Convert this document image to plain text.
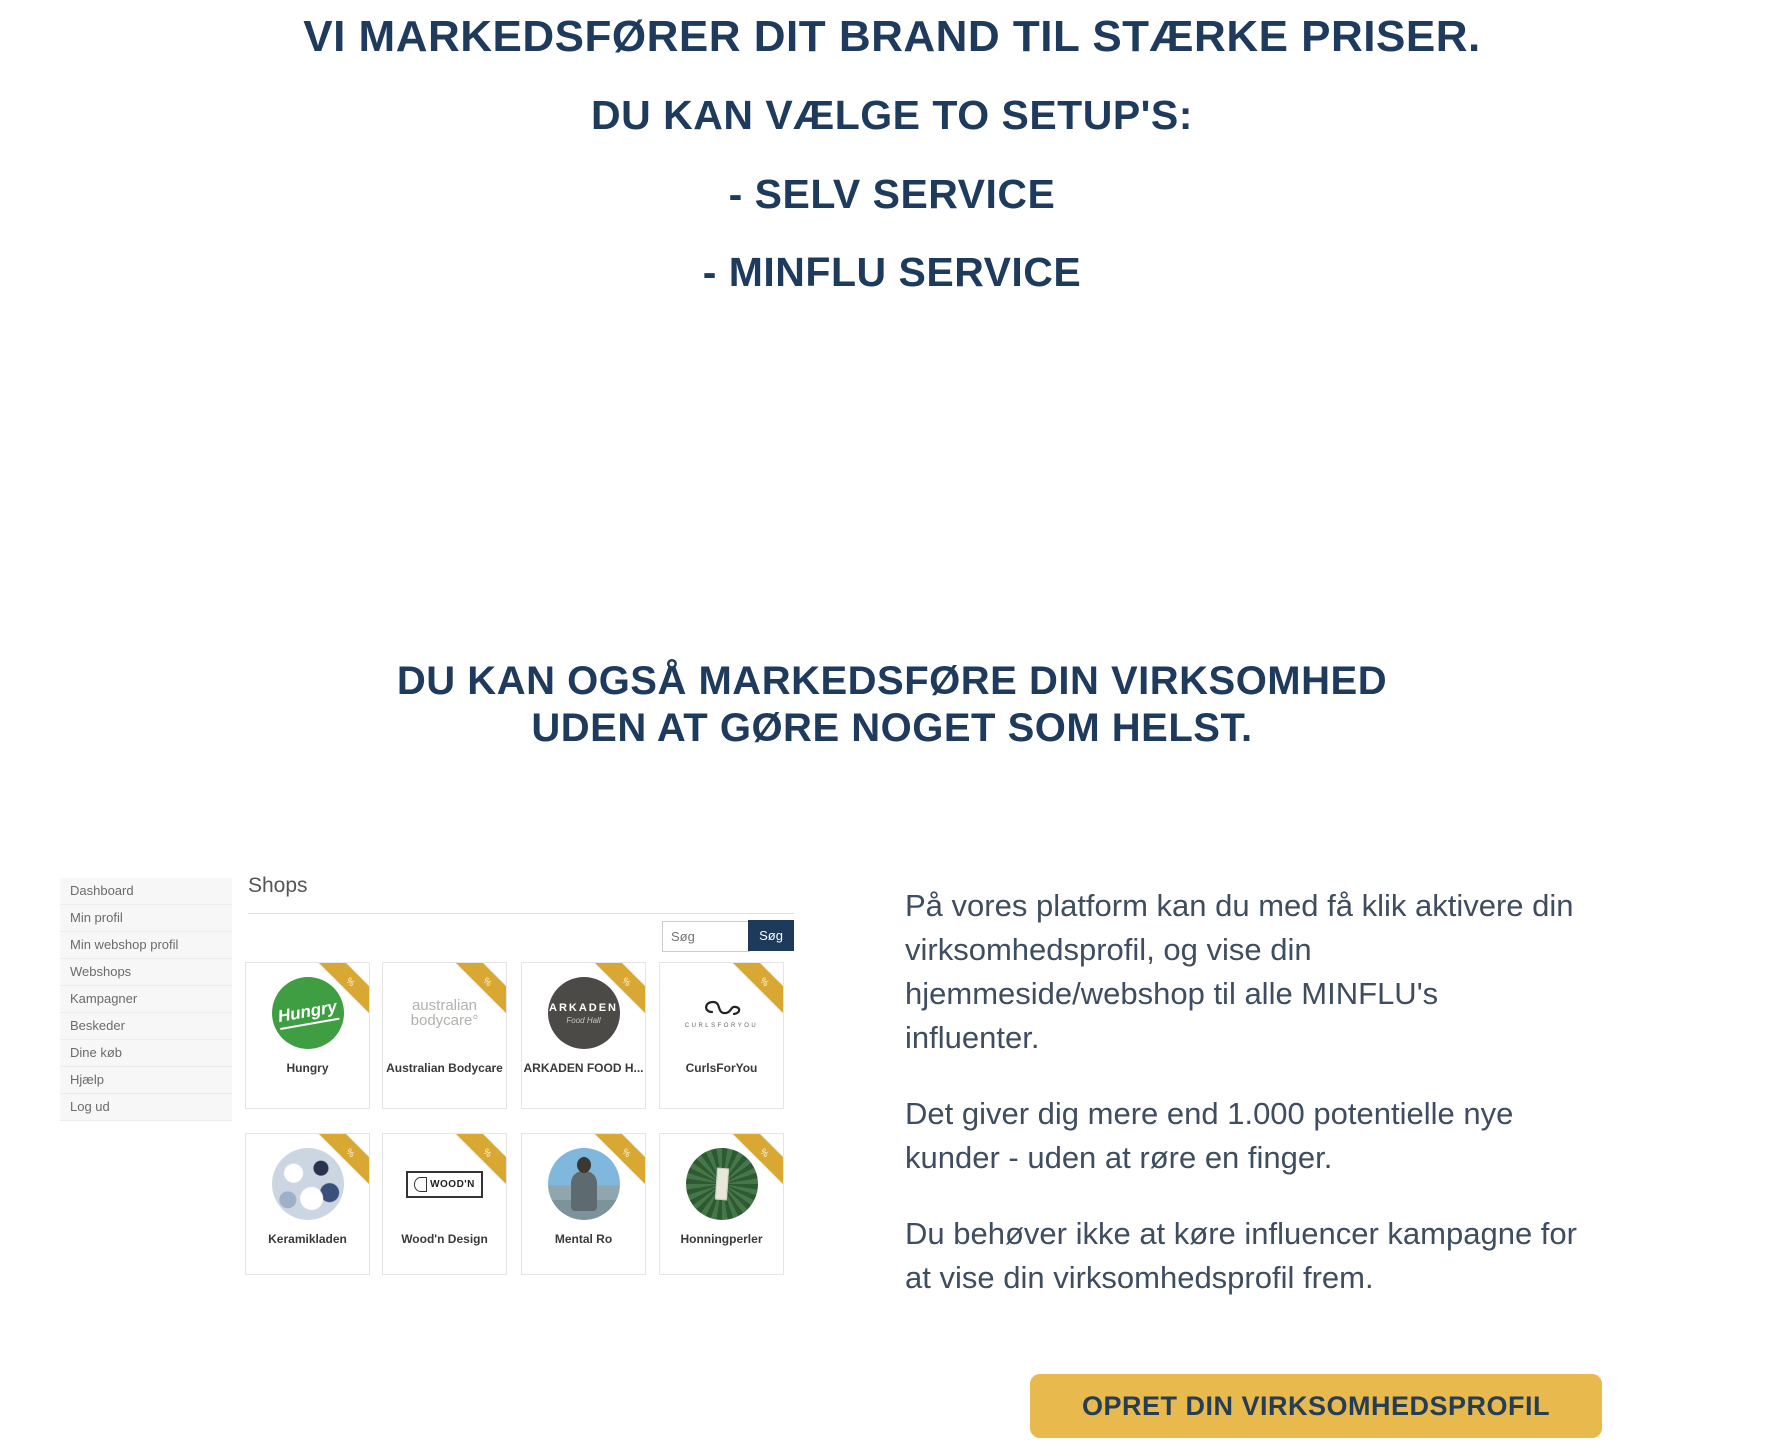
VI MARKEDSFØRER DIT BRAND TIL STÆRKE PRISER.
DU KAN VÆLGE TO SETUP'S:
- SELV SERVICE
- MINFLU SERVICE
DU KAN OGSÅ MARKEDSFØRE DIN VIRKSOMHED
UDEN AT GØRE NOGET SOM HELST.
Dashboard
Min profil
Min webshop profil
Webshops
Kampagner
Beskeder
Dine køb
Hjælp
Log ud
Shops
Søg
Søg
%
Hungry
Hungry
%
australian
bodycare°
Australian Bodycare
%
ARKADEN
Food Hall
ARKADEN FOOD H...
%
CURLSFORYOU
CurlsForYou
%
Keramikladen
%
WOOD'N
Wood'n Design
%
Mental Ro
%
Honningperler

På vores platform kan du med få klik aktivere din
virksomhedsprofil, og vise din
hjemmeside/webshop til alle MINFLU's
influenter.

Det giver dig mere end 1.000 potentielle nye
kunder - uden at røre en finger.

Du behøver ikke at køre influencer kampagne for
at vise din virksomhedsprofil frem.

OPRET DIN VIRKSOMHEDSPROFIL
